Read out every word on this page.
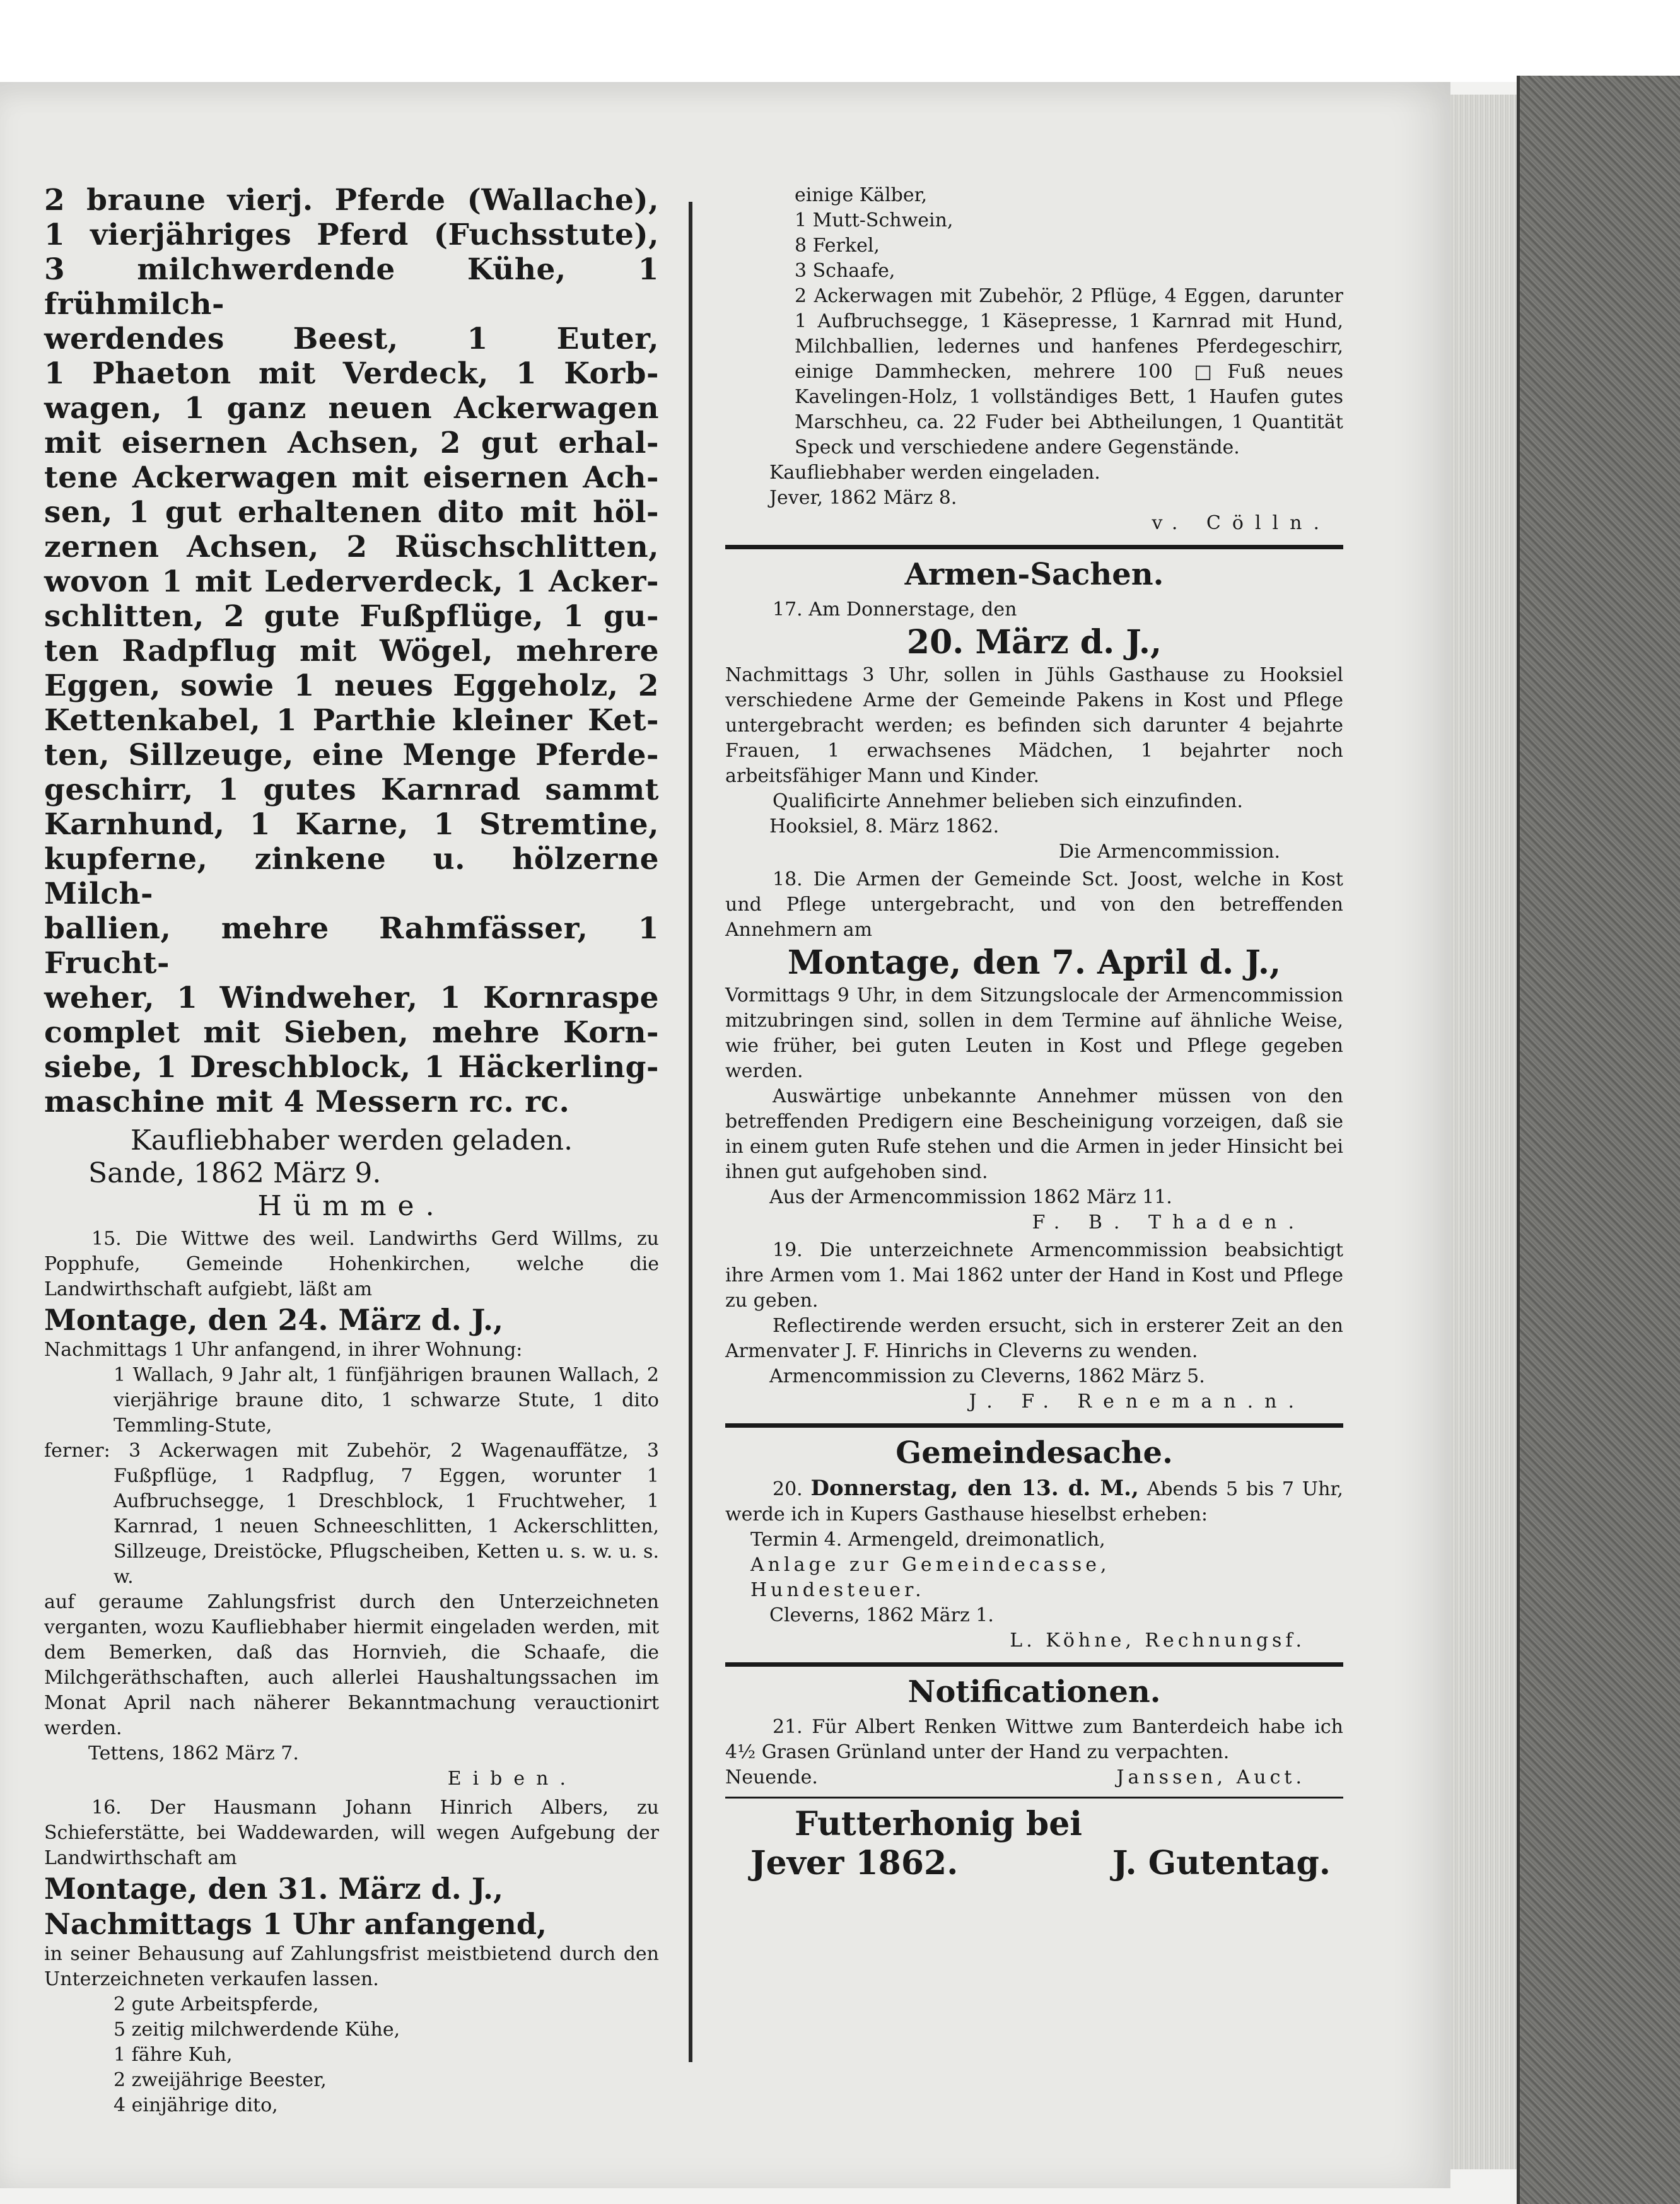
2 braune vierj. Pferde (Wallache),
1 vierjähriges Pferd (Fuchsstute),
3 milchwerdende Kühe, 1 frühmilch-
werdendes Beest, 1 Euter,
1 Phaeton mit Verdeck, 1 Korb-
wagen, 1 ganz neuen Ackerwagen
mit eisernen Achsen, 2 gut erhal-
tene Ackerwagen mit eisernen Ach-
sen, 1 gut erhaltenen dito mit höl-
zernen Achsen, 2 Rüschschlitten,
wovon 1 mit Lederverdeck, 1 Acker-
schlitten, 2 gute Fußpflüge, 1 gu-
ten Radpflug mit Wögel, mehrere
Eggen, sowie 1 neues Eggeholz, 2
Kettenkabel, 1 Parthie kleiner Ket-
ten, Sillzeuge, eine Menge Pferde-
geschirr, 1 gutes Karnrad sammt
Karnhund, 1 Karne, 1 Stremtine,
kupferne, zinkene u. hölzerne Milch-
ballien, mehre Rahmfässer, 1 Frucht-
weher, 1 Windweher, 1 Kornraspe
complet mit Sieben, mehre Korn-
siebe, 1 Dreschblock, 1 Häckerling-
maschine mit 4 Messern rc. rc.

Kaufliebhaber werden geladen.

Sande, 1862 März 9.

Hümme.

15. Die Wittwe des weil. Landwirths Gerd Willms, zu Popphufe, Gemeinde Hohenkirchen, welche die Landwirthschaft aufgiebt, läßt am

Montage, den 24. März d. J.,

Nachmittags 1 Uhr anfangend, in ihrer Wohnung:

1 Wallach, 9 Jahr alt, 1 fünfjährigen braunen Wallach, 2 vierjährige braune dito, 1 schwarze Stute, 1 dito Temmling-Stute,

ferner: 3 Ackerwagen mit Zubehör, 2 Wagenauffätze, 3 Fußpflüge, 1 Radpflug, 7 Eggen, worunter 1 Aufbruchsegge, 1 Dreschblock, 1 Fruchtweher, 1 Karnrad, 1 neuen Schneeschlitten, 1 Ackerschlitten, Sillzeuge, Dreistöcke, Pflugscheiben, Ketten u. s. w. u. s. w.

auf geraume Zahlungsfrist durch den Unterzeichneten verganten, wozu Kaufliebhaber hiermit eingeladen werden, mit dem Bemerken, daß das Hornvieh, die Schaafe, die Milchgeräthschaften, auch allerlei Haushaltungssachen im Monat April nach näherer Bekanntmachung verauctionirt werden.

Tettens, 1862 März 7.

Eiben.

16. Der Hausmann Johann Hinrich Albers, zu Schieferstätte, bei Waddewarden, will wegen Aufgebung der Landwirthschaft am

Montage, den 31. März d. J.,

Nachmittags 1 Uhr anfangend,

in seiner Behausung auf Zahlungsfrist meistbietend durch den Unterzeichneten verkaufen lassen.

2 gute Arbeitspferde,
5 zeitig milchwerdende Kühe,
1 fähre Kuh,
2 zweijährige Beester,
4 einjährige dito,
einige Kälber,
1 Mutt-Schwein,
8 Ferkel,
3 Schaafe,

2 Ackerwagen mit Zubehör, 2 Pflüge, 4 Eggen, darunter 1 Aufbruchsegge, 1 Käsepresse, 1 Karnrad mit Hund, Milchballien, ledernes und hanfenes Pferdegeschirr, einige Dammhecken, mehrere 100 □Fuß neues Kavelingen-Holz, 1 vollständiges Bett, 1 Haufen gutes Marschheu, ca. 22 Fuder bei Abtheilungen, 1 Quantität Speck und verschiedene andere Gegenstände.

Kaufliebhaber werden eingeladen.

Jever, 1862 März 8.

v. Cölln.

Armen-Sachen.

17. Am Donnerstage, den

20. März d. J.,

Nachmittags 3 Uhr, sollen in Jühls Gasthause zu Hooksiel verschiedene Arme der Gemeinde Pakens in Kost und Pflege untergebracht werden; es befinden sich darunter 4 bejahrte Frauen, 1 erwachsenes Mädchen, 1 bejahrter noch arbeitsfähiger Mann und Kinder.

Qualificirte Annehmer belieben sich einzufinden.

Hooksiel, 8. März 1862.

Die Armencommission.

18. Die Armen der Gemeinde Sct. Joost, welche in Kost und Pflege untergebracht, und von den betreffenden Annehmern am

Montage, den 7. April d. J.,

Vormittags 9 Uhr, in dem Sitzungslocale der Armencommission mitzubringen sind, sollen in dem Termine auf ähnliche Weise, wie früher, bei guten Leuten in Kost und Pflege gegeben werden.

Auswärtige unbekannte Annehmer müssen von den betreffenden Predigern eine Bescheinigung vorzeigen, daß sie in einem guten Rufe stehen und die Armen in jeder Hinsicht bei ihnen gut aufgehoben sind.

Aus der Armencommission 1862 März 11.

F. B. Thaden.

19. Die unterzeichnete Armencommission beabsichtigt ihre Armen vom 1. Mai 1862 unter der Hand in Kost und Pflege zu geben.

Reflectirende werden ersucht, sich in ersterer Zeit an den Armenvater J. F. Hinrichs in Cleverns zu wenden.

Armencommission zu Cleverns, 1862 März 5.

J. F. Reneman.n.

Gemeindesache.

20. Donnerstag, den 13. d. M., Abends 5 bis 7 Uhr, werde ich in Kupers Gasthause hieselbst erheben:

Termin 4. Armengeld, dreimonatlich,
Anlage zur Gemeindecasse,
Hundesteuer.

Cleverns, 1862 März 1.

L. Köhne, Rechnungsf.

Notificationen.

21. Für Albert Renken Wittwe zum Banterdeich habe ich 4½ Grasen Grünland unter der Hand zu verpachten.

Neuende.	Janssen, Auct.

Futterhonig bei

Jever 1862.	J. Gutentag.
